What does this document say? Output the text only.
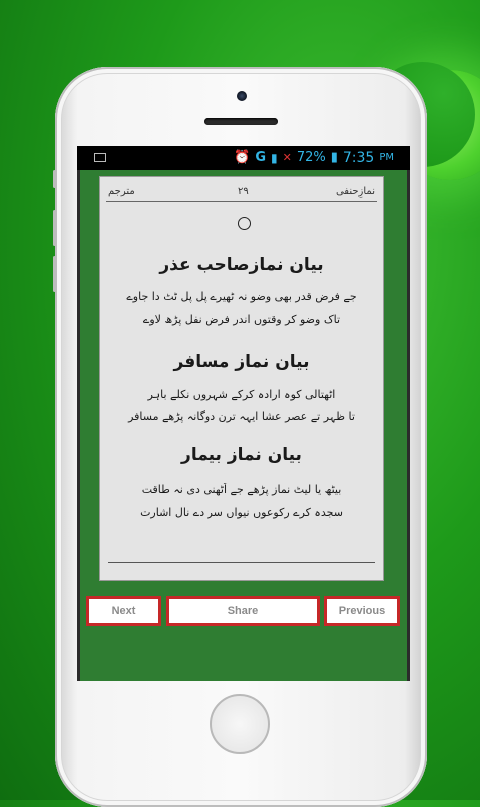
⏰ G ▮ ✕ 72% ▮ 7:35 PM
نمازِحنفی
۲۹
مترجم
بیان نمازصاحب عذر
جے فرض قدر بھی وضو نہ ٹھیرے پل پل ٹٹ دا جاوے
تاک وضو کر وقتوں اندر فرض نفل پڑھ لاوے
بیان نمازِ مسافر
اٹھتالی کوہ ارادہ کرکے شہروں نکلے باہر
تا ظہر تے عصر عشا ایہہ ترن دوگانہ پڑھے مسافر
بیان نمازِ بیمار
بیٹھ یا لیٹ نماز پڑھے جے اُٹھنی دی نہ طاقت
سجدہ کرے رکوعوں نیواں سر دے نال اشارت
Next	Share	Previous
